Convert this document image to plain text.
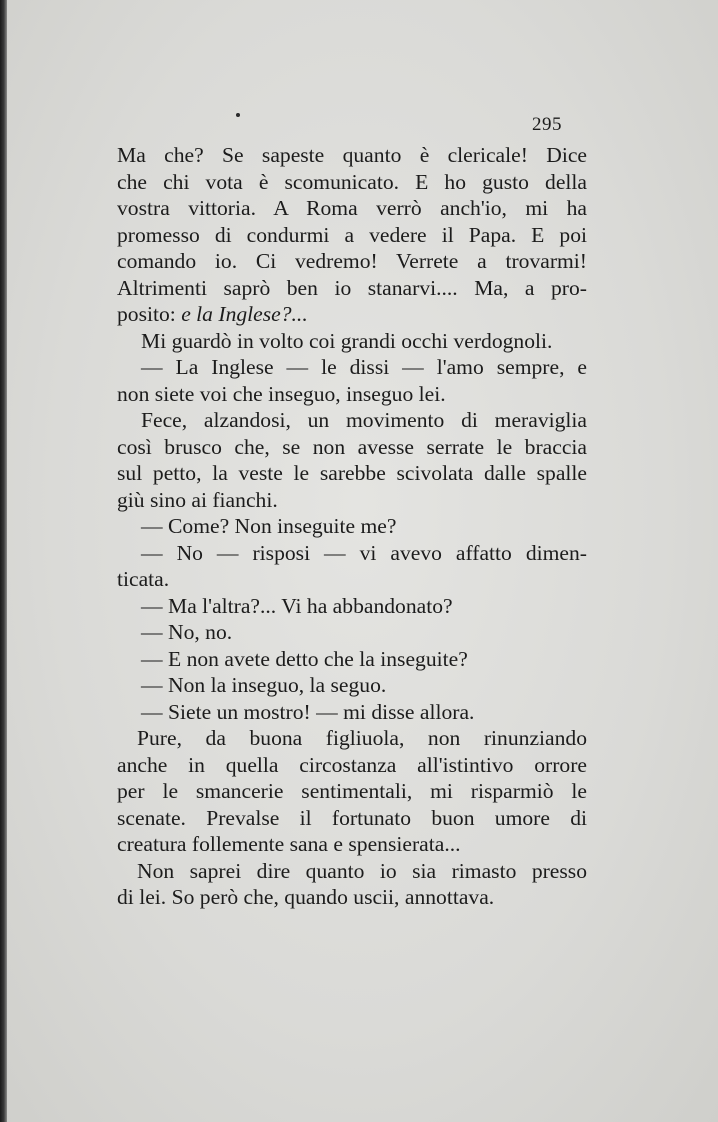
295
Ma che? Se sapeste quanto è clericale! Dice
che chi vota è scomunicato. E ho gusto della
vostra vittoria. A Roma verrò anch'io, mi ha
promesso di condurmi a vedere il Papa. E poi
comando io. Ci vedremo! Verrete a trovarmi!
Altrimenti saprò ben io stanarvi.... Ma, a pro-
posito: e la Inglese?...
Mi guardò in volto coi grandi occhi verdognoli.
— La Inglese — le dissi — l'amo sempre, e
non siete voi che inseguo, inseguo lei.
Fece, alzandosi, un movimento di meraviglia
così brusco che, se non avesse serrate le braccia
sul petto, la veste le sarebbe scivolata dalle spalle
giù sino ai fianchi.
— Come? Non inseguite me?
— No — risposi — vi avevo affatto dimen-
ticata.
— Ma l'altra?... Vi ha abbandonato?
— No, no.
— E non avete detto che la inseguite?
— Non la inseguo, la seguo.
— Siete un mostro! — mi disse allora.
Pure, da buona figliuola, non rinunziando
anche in quella circostanza all'istintivo orrore
per le smancerie sentimentali, mi risparmiò le
scenate. Prevalse il fortunato buon umore di
creatura follemente sana e spensierata...
Non saprei dire quanto io sia rimasto presso
di lei. So però che, quando uscii, annottava.
